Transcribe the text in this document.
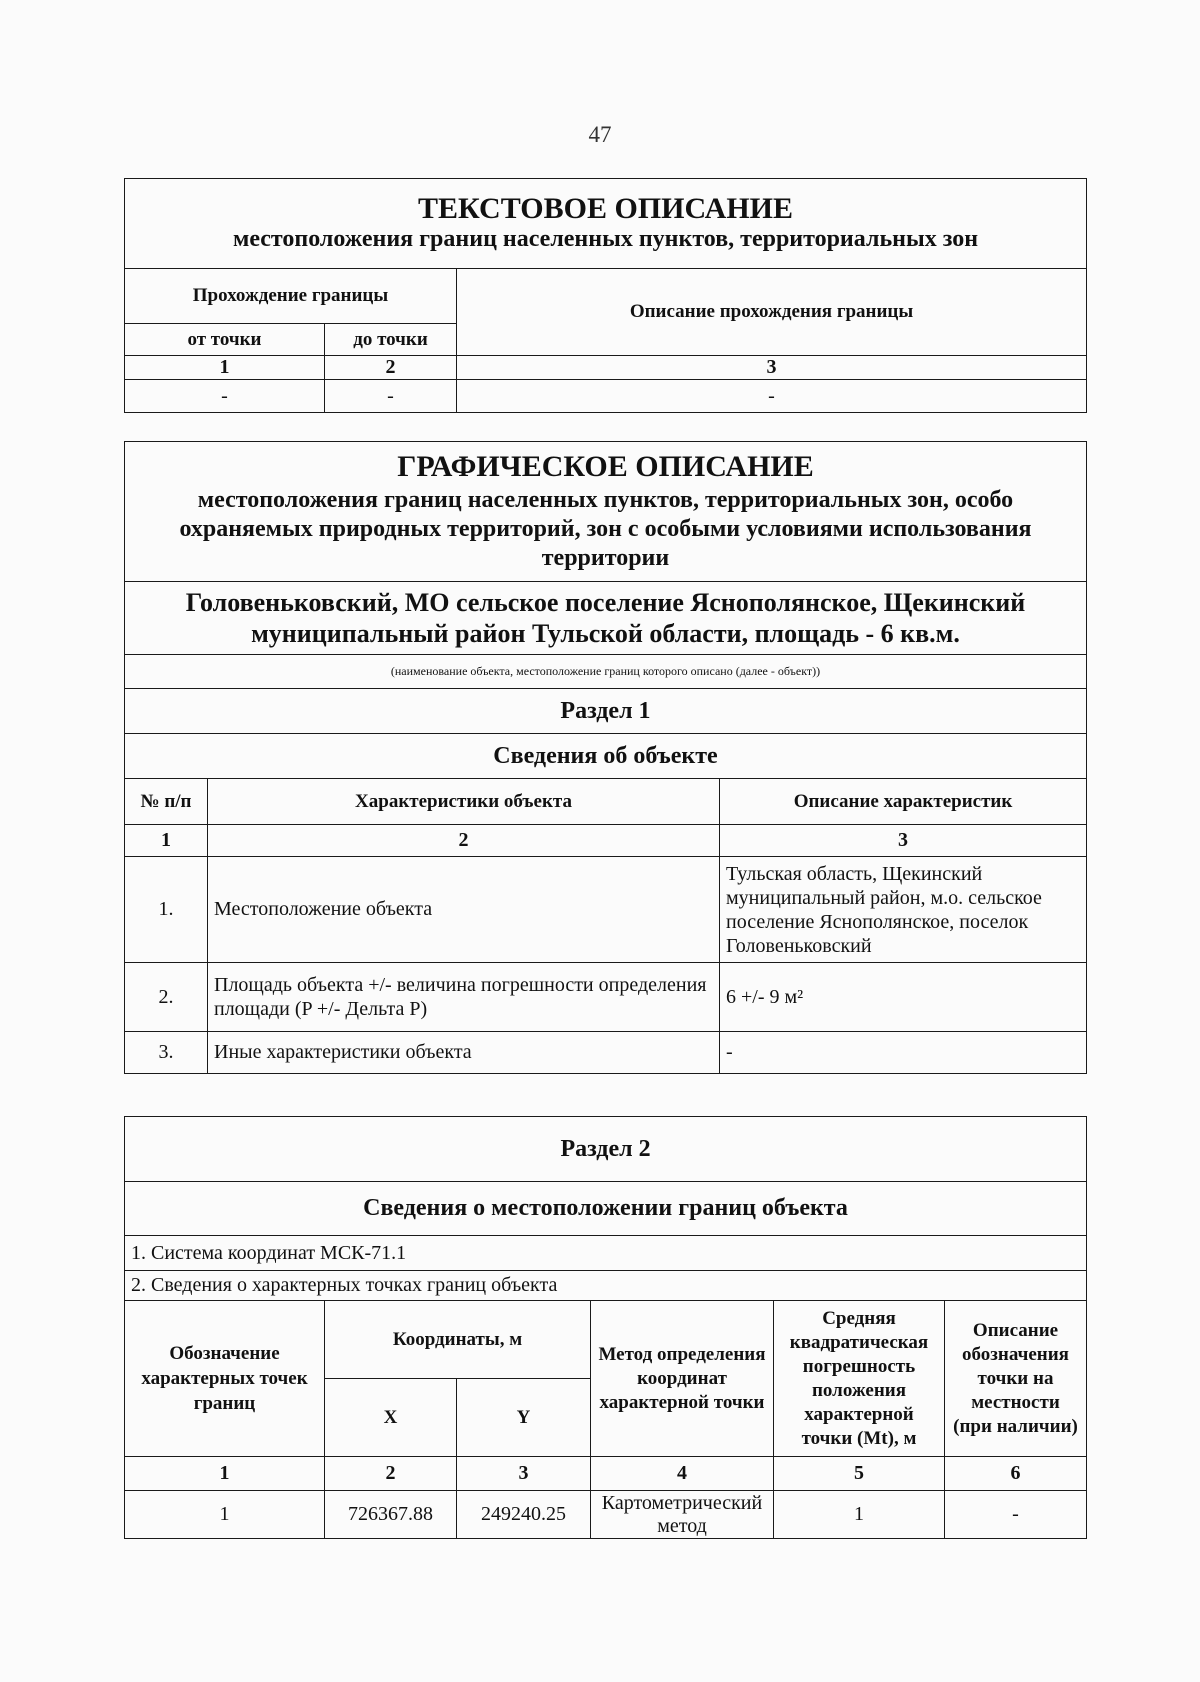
47
ТЕКСТОВОЕ ОПИСАНИЕ
местоположения границ населенных пунктов, территориальных зон		

Прохождение границы		Описание прохождения границы
от точки	до точки	
1	2	3
-	-	-
ГРАФИЧЕСКОЕ ОПИСАНИЕ
местоположения границ населенных пунктов, территориальных зон, особо охраняемых природных территорий, зон с особыми условиями использования территории		

Головеньковский, МО сельское поселение Яснополянское, Щекинский муниципальный район Тульской области, площадь - 6 кв.м.		
(наименование объекта, местоположение границ которого описано (далее - объект))		
Раздел 1		
Сведения об объекте		
№ п/п	Характеристики объекта	Описание характеристик
1	2	3
1.	Местоположение объекта	Тульская область, Щекинский муниципальный район, м.о. сельское поселение Яснополянское, поселок Головеньковский
2.	Площадь объекта +/- величина погрешности определения площади (P +/- Дельта P)	6 +/- 9 м²
3.	Иные характеристики объекта	-
Раздел 2					
Сведения о местоположении границ объекта					
1. Система координат МСК-71.1					
2. Сведения о характерных точках границ объекта					
Обозначение характерных точек границ	Координаты, м		Метод определения координат характерной точки	Средняя квадратическая погрешность положения характерной точки (Mt), м	Описание обозначения точки на местности (при наличии)
	X	Y			
1	2	3	4	5	6
1	726367.88	249240.25	Картометрический метод	1	-
